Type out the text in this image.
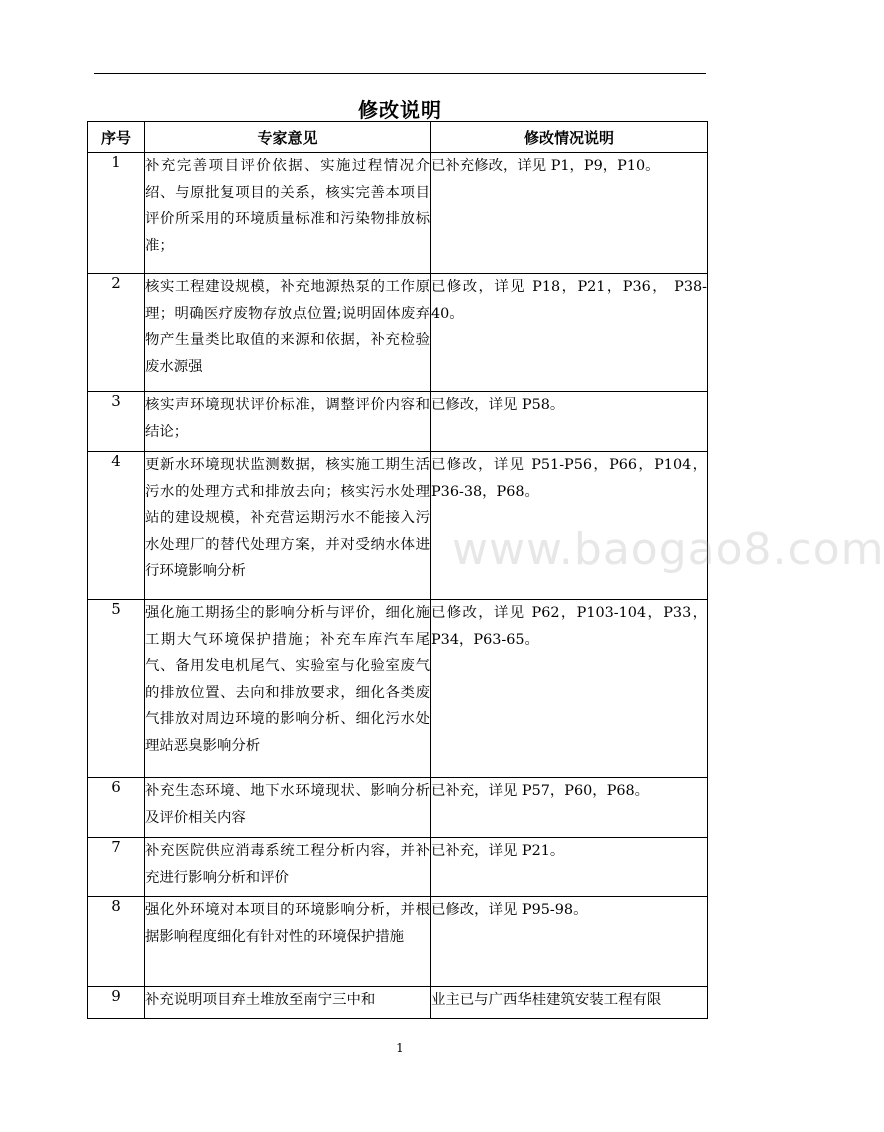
修改说明
序号	专家意见	修改情况说明
1	补充完善项目评价依据、实施过程情况介绍、与原批复项目的关系，核实完善本项目评价所采用的环境质量标准和污染物排放标准；	已补充修改，详见 P1，P9，P10。
2	核实工程建设规模，补充地源热泵的工作原理；明确医疗废物存放点位置;说明固体废弃物产生量类比取值的来源和依据，补充检验废水源强	已修改，详见 P18，P21，P36， P38-40。
3	核实声环境现状评价标准，调整评价内容和结论；	已修改，详见 P58。
4	更新水环境现状监测数据，核实施工期生活污水的处理方式和排放去向；核实污水处理站的建设规模，补充营运期污水不能接入污水处理厂的替代处理方案，并对受纳水体进行环境影响分析	已修改，详见 P51-P56，P66，P104，P36-38，P68。
5	强化施工期扬尘的影响分析与评价，细化施工期大气环境保护措施；补充车库汽车尾气、备用发电机尾气、实验室与化验室废气的排放位置、去向和排放要求，细化各类废气排放对周边环境的影响分析、细化污水处理站恶臭影响分析	已修改，详见 P62，P103-104，P33，P34，P63-65。
6	补充生态环境、地下水环境现状、影响分析及评价相关内容	已补充，详见 P57，P60，P68。
7	补充医院供应消毒系统工程分析内容，并补充进行影响分析和评价	已补充，详见 P21。
8	强化外环境对本项目的环境影响分析，并根据影响程度细化有针对性的环境保护措施	已修改，详见 P95-98。
9	补充说明项目弃土堆放至南宁三中和	业主已与广西华桂建筑安装工程有限
www.baogao8.com
1
